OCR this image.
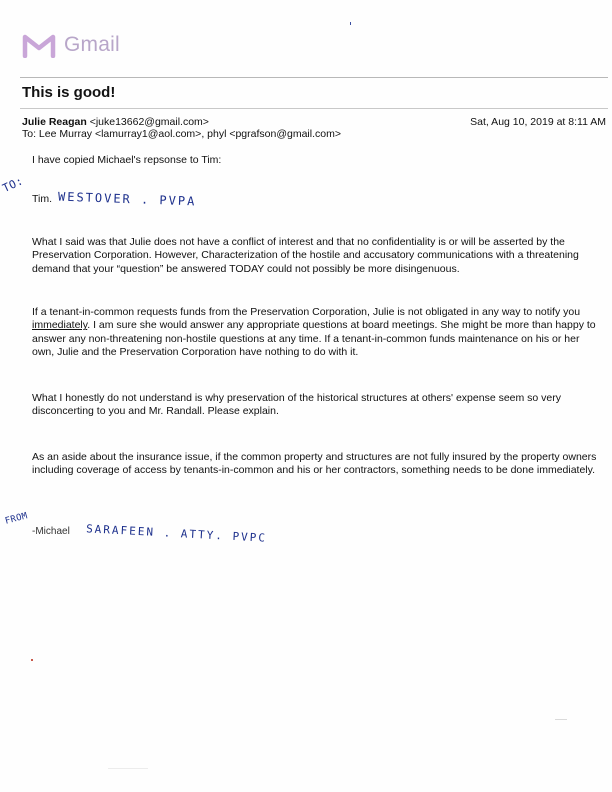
Gmail
This is good!
Julie Reagan <juke13662@gmail.com>	Sat, Aug 10, 2019 at 8:11 AM
To: Lee Murray <lamurray1@aol.com>, phyl <pgrafson@gmail.com>

I have copied Michael's repsonse to Tim:

Tim.

What I said was that Julie does not have a conflict of interest and that no confidentiality is or will be asserted by the Preservation Corporation. However, Characterization of the hostile and accusatory communications with a threatening demand that your “question” be answered TODAY could not possibly be more disingenuous.

If a tenant-in-common requests funds from the Preservation Corporation, Julie is not obligated in any way to notify you immediately. I am sure she would answer any appropriate questions at board meetings. She might be more than happy to answer any non-threatening non-hostile questions at any time. If a tenant-in-common funds maintenance on his or her own, Julie and the Preservation Corporation have nothing to do with it.

What I honestly do not understand is why preservation of the historical structures at others' expense seem so very disconcerting to you and Mr. Randall. Please explain.

As an aside about the insurance issue, if the common property and structures are not fully insured by the property owners including coverage of access by tenants-in-common and his or her contractors, something needs to be done immediately.

-Michael

TO:
WESTOVER . PVPA
FROM
SARAFEEN . ATTY. PVPC
